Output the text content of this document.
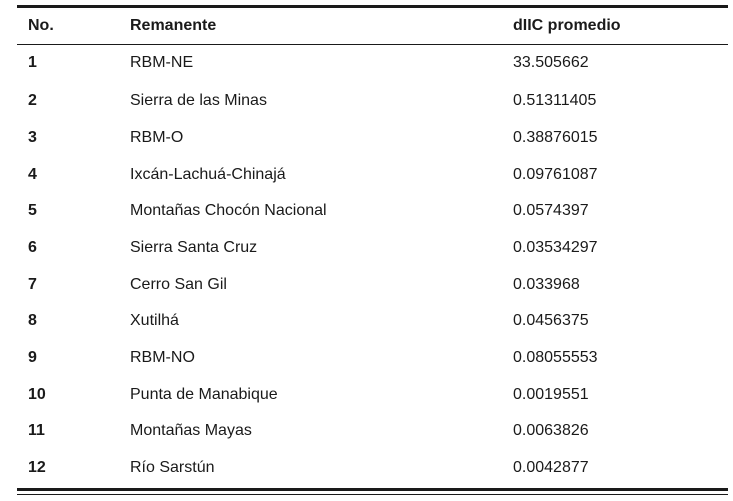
No.	Remanente	dIIC promedio
1	RBM-NE	33.505662
2	Sierra de las Minas	0.51311405
3	RBM-O	0.38876015
4	Ixcán-Lachuá-Chinajá	0.09761087
5	Montañas Chocón Nacional	0.0574397
6	Sierra Santa Cruz	0.03534297
7	Cerro San Gil	0.033968
8	Xutilhá	0.0456375
9	RBM-NO	0.08055553
10	Punta de Manabique	0.0019551
11	Montañas Mayas	0.0063826
12	Río Sarstún	0.0042877
